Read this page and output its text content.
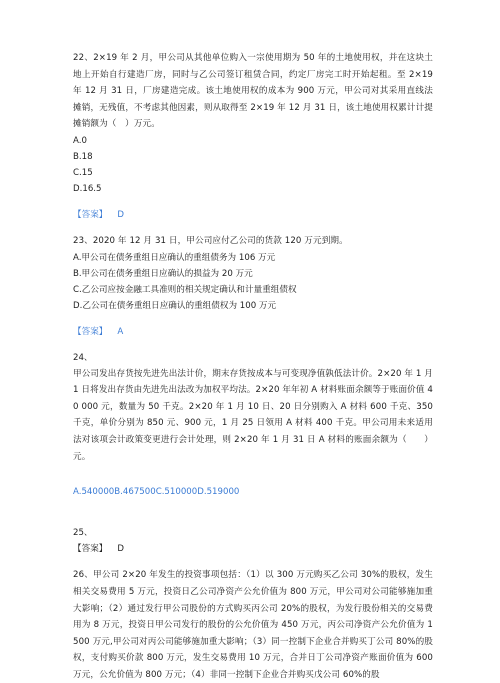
22、2×19 年 2 月，甲公司从其他单位购入一宗使用期为 50 年的土地使用权，并在这块土地上开始自行建造厂房，同时与乙公司签订租赁合同，约定厂房完工时开始起租。至 2×19 年 12 月 31 日，厂房建造完成。该土地使用权的成本为 900 万元，甲公司对其采用直线法摊销，无残值，不考虑其他因素，则从取得至 2×19 年 12 月 31 日，该土地使用权累计计提摊销额为（　）万元。

A.0

B.18

C.15

D.16.5

【答案】 D

23、2020 年 12 月 31 日，甲公司应付乙公司的货款 120 万元到期。

A.甲公司在债务重组日应确认的重组债务为 106 万元

B.甲公司在债务重组日应确认的损益为 20 万元

C.乙公司应按金融工具准则的相关规定确认和计量重组债权

D.乙公司在债务重组日应确认的重组债权为 100 万元

【答案】 A

24、

甲公司发出存货按先进先出法计价，期末存货按成本与可变现净值孰低法计价。2×20 年 1 月 1 日将发出存货由先进先出法改为加权平均法。2×20 年年初 A 材料账面余额等于账面价值 40 000 元，数量为 50 千克。2×20 年 1 月 10 日、20 日分别购入 A 材料 600 千克、350 千克，单价分别为 850 元、900 元，1 月 25 日领用 A 材料 400 千克。甲公司用未来适用法对该项会计政策变更进行会计处理，则 2×20 年 1 月 31 日 A 材料的账面余额为（　　）元。

A.540000B.467500C.510000D.519000

25、

【答案】 D

26、甲公司 2×20 年发生的投资事项包括：（1）以 300 万元购买乙公司 30%的股权，发生相关交易费用 5 万元，投资日乙公司净资产公允价值为 800 万元，甲公司对公司能够施加重大影响；（2）通过发行甲公司股份的方式购买丙公司 20%的股权，为发行股份相关的交易费用为 8 万元，投资日甲公司发行的股份的公允价值为 450 万元，丙公司净资产公允价值为 1500 万元,甲公司对丙公司能够施加重大影响；（3）同一控制下企业合并购买丁公司 80%的股权，支付购买价款 800 万元，发生交易费用 10 万元，合并日丁公司净资产账面价值为 600 万元，公允价值为 800 万元；（4）非同一控制下企业合并购买戊公司 60%的股
